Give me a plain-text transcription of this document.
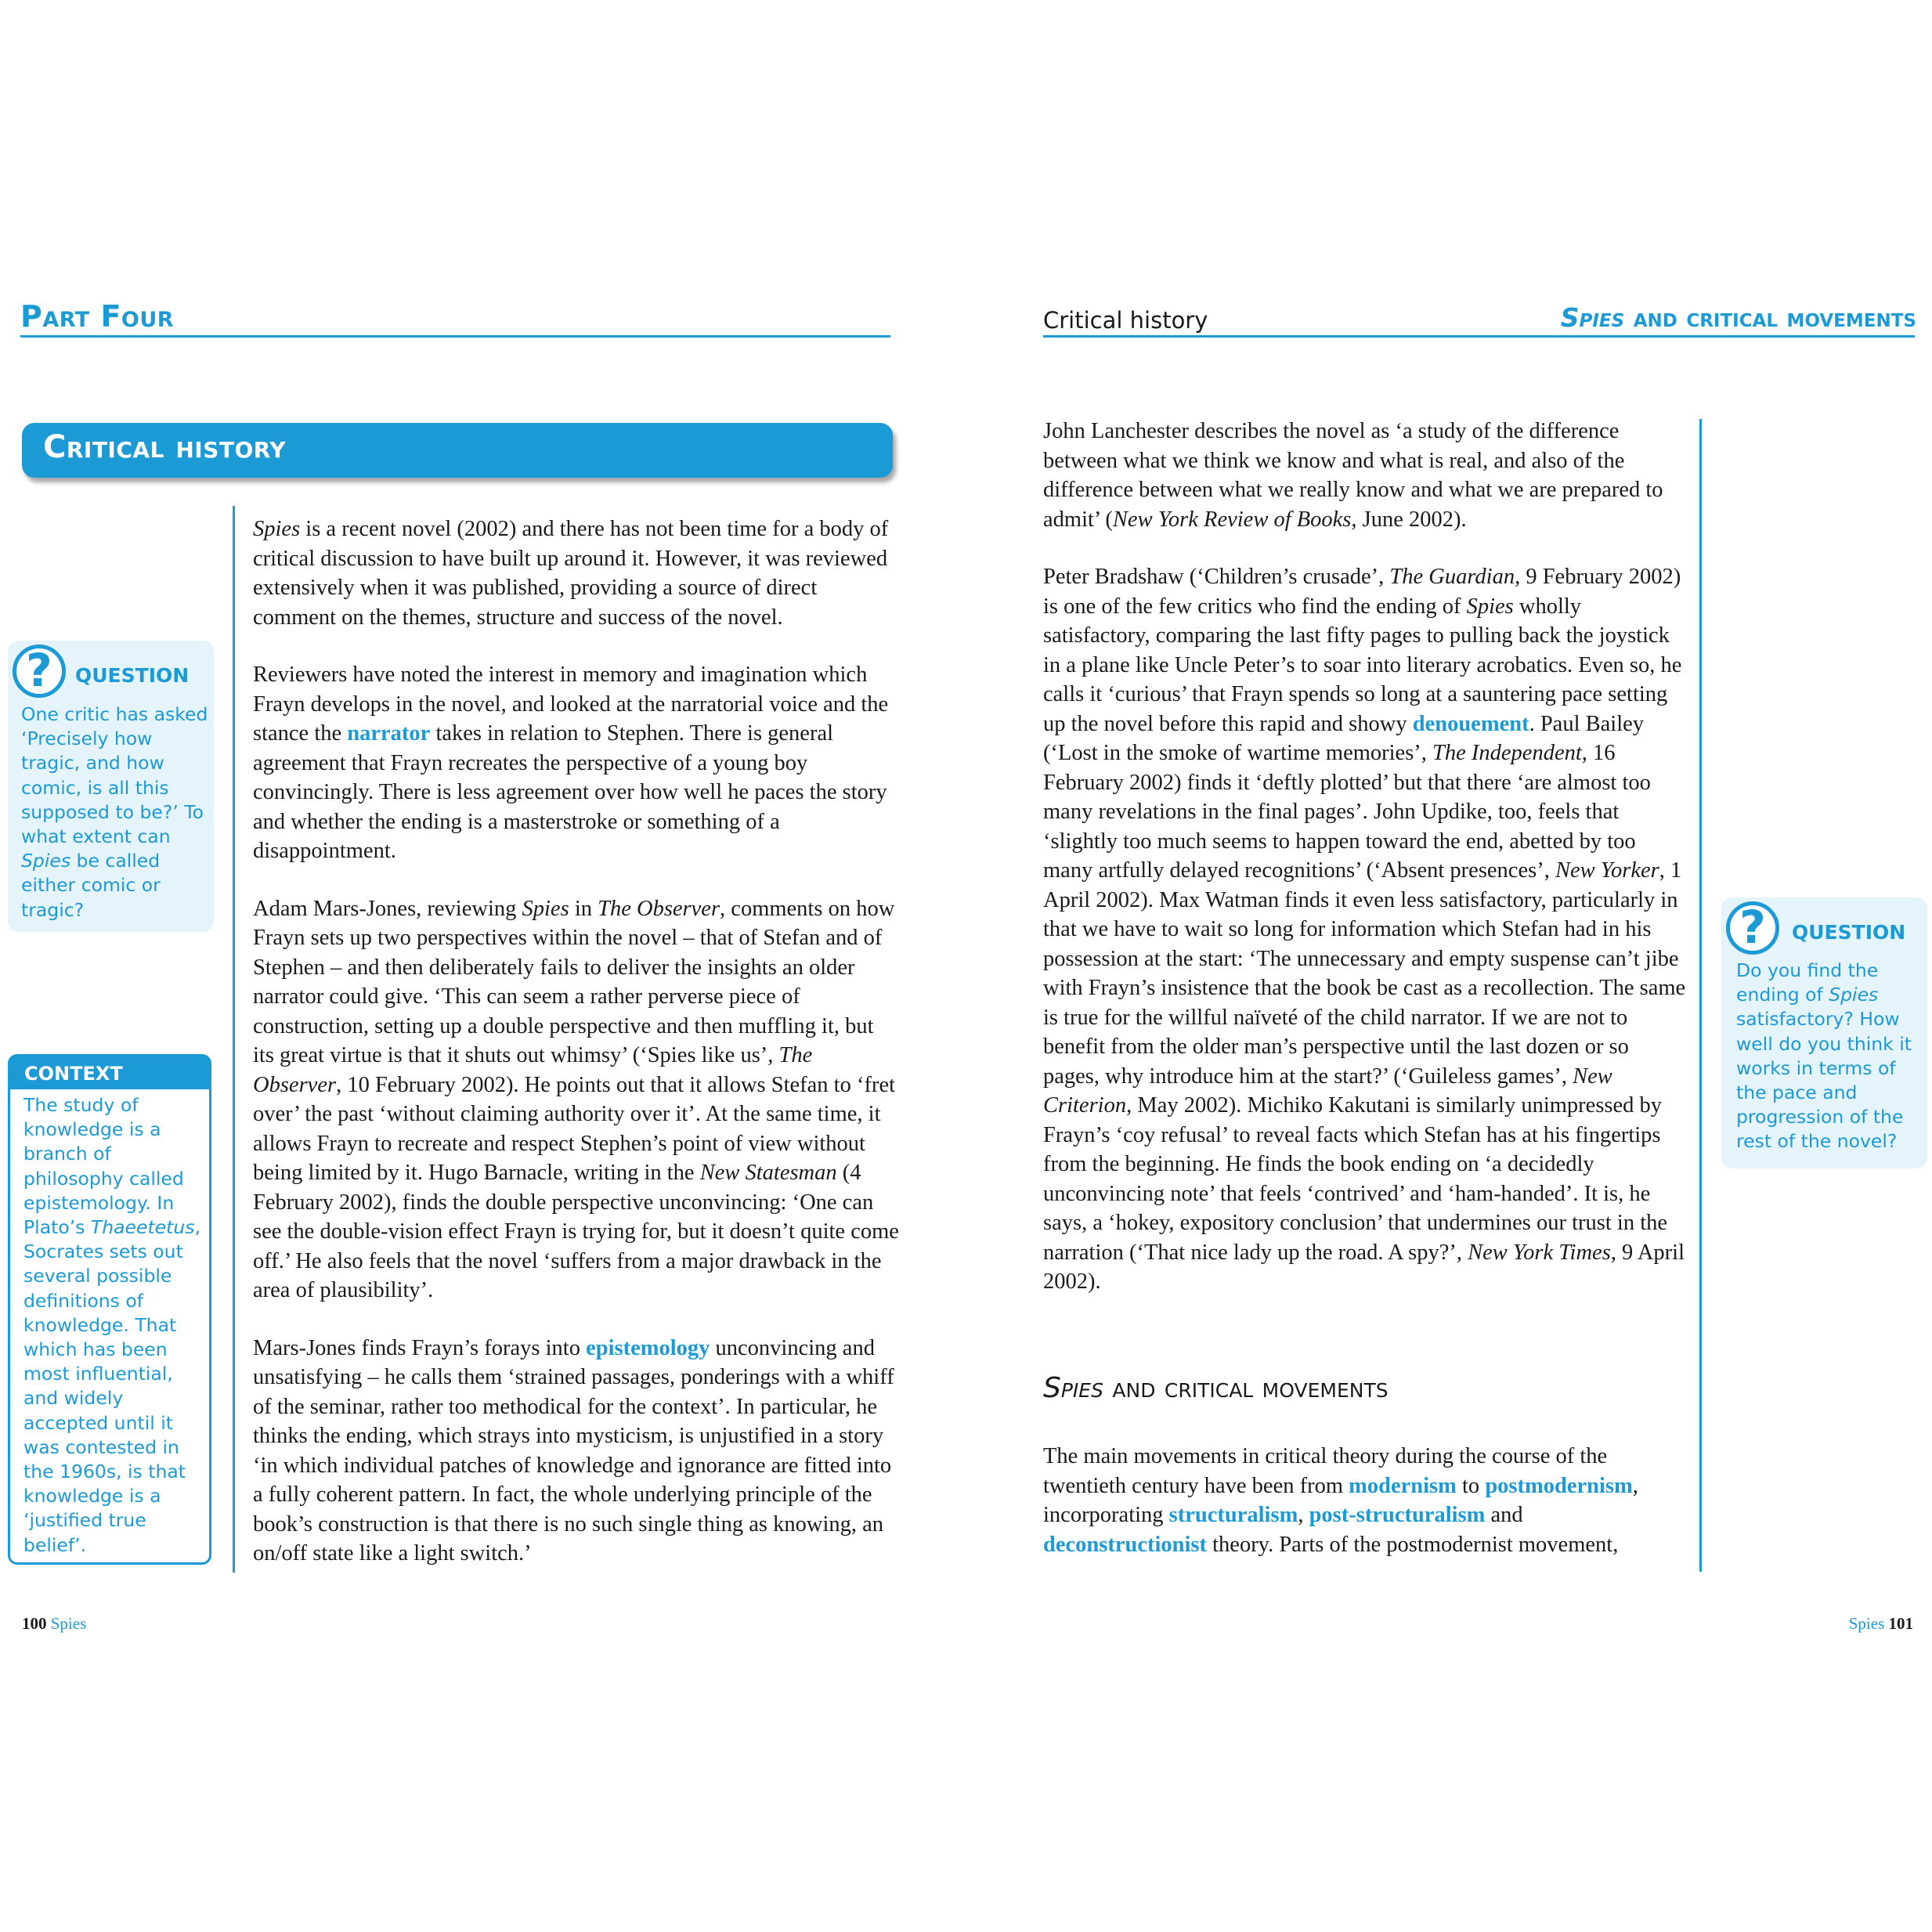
Part Four
Critical history
?	QUESTION
One critic has asked ‘Precisely how tragic, and how comic, is all this supposed to be?’ To what extent can Spies be called either comic or tragic?
CONTEXT
The study of knowledge is a branch of philosophy called epistemology. In Plato’s Thaeetetus, Socrates sets out several possible definitions of knowledge. That which has been most influential, and widely accepted until it was contested in the 1960s, is that knowledge is a ‘justified true belief’.

Spies is a recent novel (2002) and there has not been time for a body of critical discussion to have built up around it. However, it was reviewed extensively when it was published, providing a source of direct comment on the themes, structure and success of the novel.

Reviewers have noted the interest in memory and imagination which Frayn develops in the novel, and looked at the narratorial voice and the stance the narrator takes in relation to Stephen. There is general agreement that Frayn recreates the perspective of a young boy convincingly. There is less agreement over how well he paces the story and whether the ending is a masterstroke or something of a disappointment.

Adam Mars-Jones, reviewing Spies in The Observer, comments on how Frayn sets up two perspectives within the novel – that of Stefan and of Stephen – and then deliberately fails to deliver the insights an older narrator could give. ‘This can seem a rather perverse piece of construction, setting up a double perspective and then muffling it, but its great virtue is that it shuts out whimsy’ (‘Spies like us’, The Observer, 10 February 2002). He points out that it allows Stefan to ‘fret over’ the past ‘without claiming authority over it’. At the same time, it allows Frayn to recreate and respect Stephen’s point of view without being limited by it. Hugo Barnacle, writing in the New Statesman (4 February 2002), finds the double perspective unconvincing: ‘One can see the double-vision effect Frayn is trying for, but it doesn’t quite come off.’ He also feels that the novel ‘suffers from a major drawback in the area of plausibility’.

Mars-Jones finds Frayn’s forays into epistemology unconvincing and unsatisfying – he calls them ‘strained passages, ponderings with a whiff of the seminar, rather too methodical for the context’. In particular, he thinks the ending, which strays into mysticism, is unjustified in a story ‘in which individual patches of knowledge and ignorance are fitted into a fully coherent pattern. In fact, the whole underlying principle of the book’s construction is that there is no such single thing as knowing, an on/off state like a light switch.’

100 Spies
Critical history	Spies and critical movements

John Lanchester describes the novel as ‘a study of the difference between what we think we know and what is real, and also of the difference between what we really know and what we are prepared to admit’ (New York Review of Books, June 2002).

Peter Bradshaw (‘Children’s crusade’, The Guardian, 9 February 2002) is one of the few critics who find the ending of Spies wholly satisfactory, comparing the last fifty pages to pulling back the joystick in a plane like Uncle Peter’s to soar into literary acrobatics. Even so, he calls it ‘curious’ that Frayn spends so long at a sauntering pace setting up the novel before this rapid and showy denouement. Paul Bailey (‘Lost in the smoke of wartime memories’, The Independent, 16 February 2002) finds it ‘deftly plotted’ but that there ‘are almost too many revelations in the final pages’. John Updike, too, feels that ‘slightly too much seems to happen toward the end, abetted by too many artfully delayed recognitions’ (‘Absent presences’, New Yorker, 1 April 2002). Max Watman finds it even less satisfactory, particularly in that we have to wait so long for information which Stefan had in his possession at the start: ‘The unnecessary and empty suspense can’t jibe with Frayn’s insistence that the book be cast as a recollection. The same is true for the willful naïveté of the child narrator. If we are not to benefit from the older man’s perspective until the last dozen or so pages, why introduce him at the start?’ (‘Guileless games’, New Criterion, May 2002). Michiko Kakutani is similarly unimpressed by Frayn’s ‘coy refusal’ to reveal facts which Stefan has at his fingertips from the beginning. He finds the book ending on ‘a decidedly unconvincing note’ that feels ‘contrived’ and ‘ham-handed’. It is, he says, a ‘hokey, expository conclusion’ that undermines our trust in the narration (‘That nice lady up the road. A spy?’, New York Times, 9 April 2002).

Spies and critical movements

The main movements in critical theory during the course of the twentieth century have been from modernism to postmodernism, incorporating structuralism, post-structuralism and deconstructionist theory. Parts of the postmodernist movement,

?	QUESTION
Do you find the ending of Spies satisfactory? How well do you think it works in terms of the pace and progression of the rest of the novel?
Spies 101
